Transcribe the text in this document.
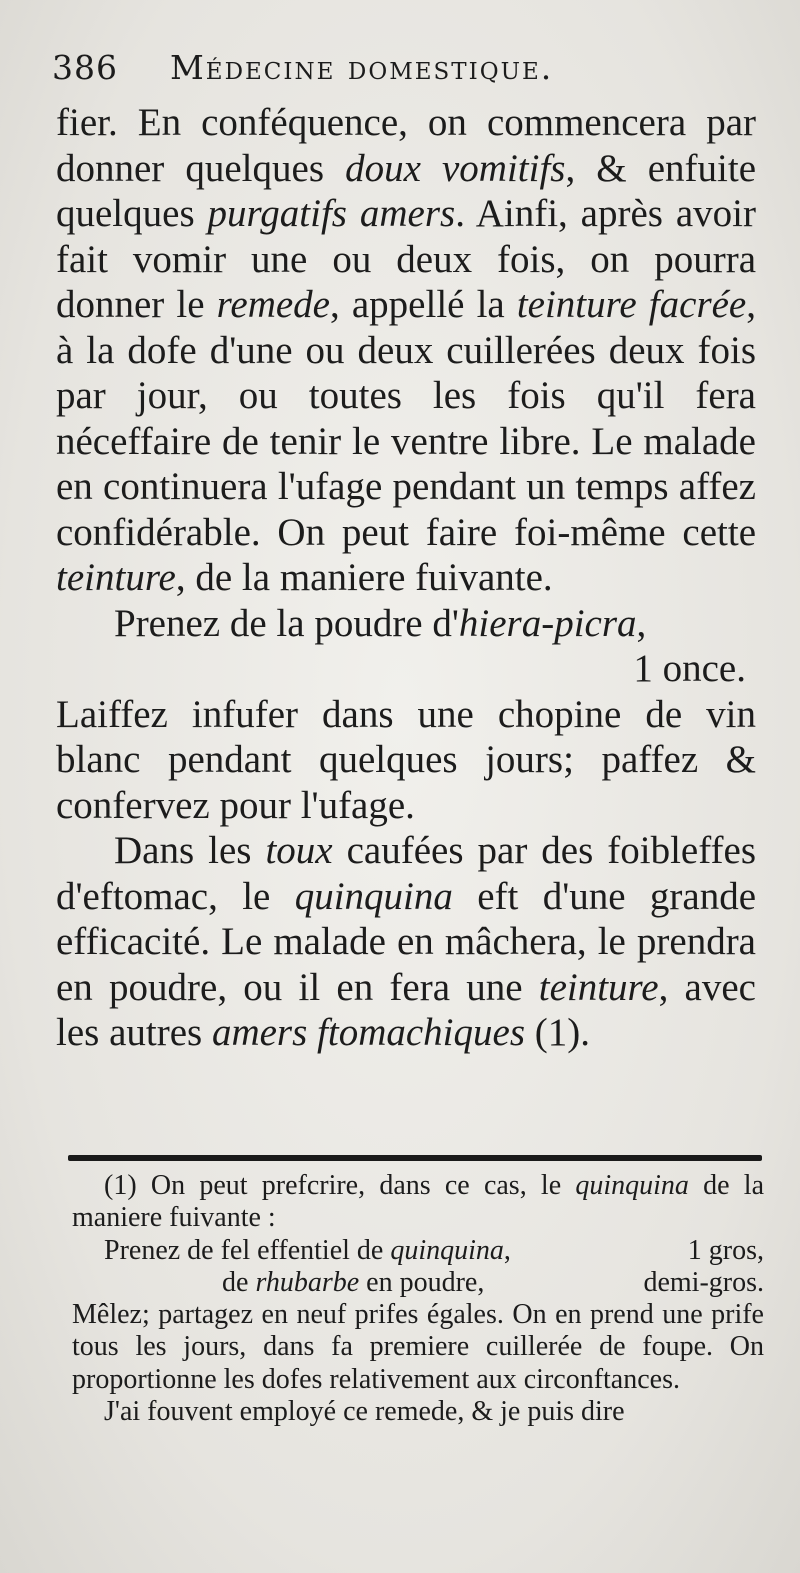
386 Médecine domestique.

fier. En conféquence, on commencera par donner quelques doux vomitifs, & enfuite quelques purgatifs amers. Ainfi, après avoir fait vomir une ou deux fois, on pourra donner le remede, appellé la teinture facrée, à la dofe d'une ou deux cuillerées deux fois par jour, ou toutes les fois qu'il fera néceffaire de tenir le ventre libre. Le malade en continuera l'ufage pendant un temps affez confidérable. On peut faire foi-même cette teinture, de la maniere fuivante.

Prenez de la poudre d'hiera-picra,

1 once.

Laiffez infufer dans une chopine de vin blanc pendant quelques jours; paffez & confervez pour l'ufage.

Dans les toux caufées par des foibleffes d'eftomac, le quinquina eft d'une grande efficacité. Le malade en mâchera, le prendra en poudre, ou il en fera une teinture, avec les autres amers ftomachiques (1).

(1) On peut prefcrire, dans ce cas, le quinquina de la maniere fuivante :

Prenez de fel effentiel de quinquina,	1 gros,

de rhubarbe en poudre,	demi-gros.

Mêlez; partagez en neuf prifes égales. On en prend une prife tous les jours, dans fa premiere cuillerée de foupe. On proportionne les dofes relativement aux circonftances.

J'ai fouvent employé ce remede, & je puis dire
